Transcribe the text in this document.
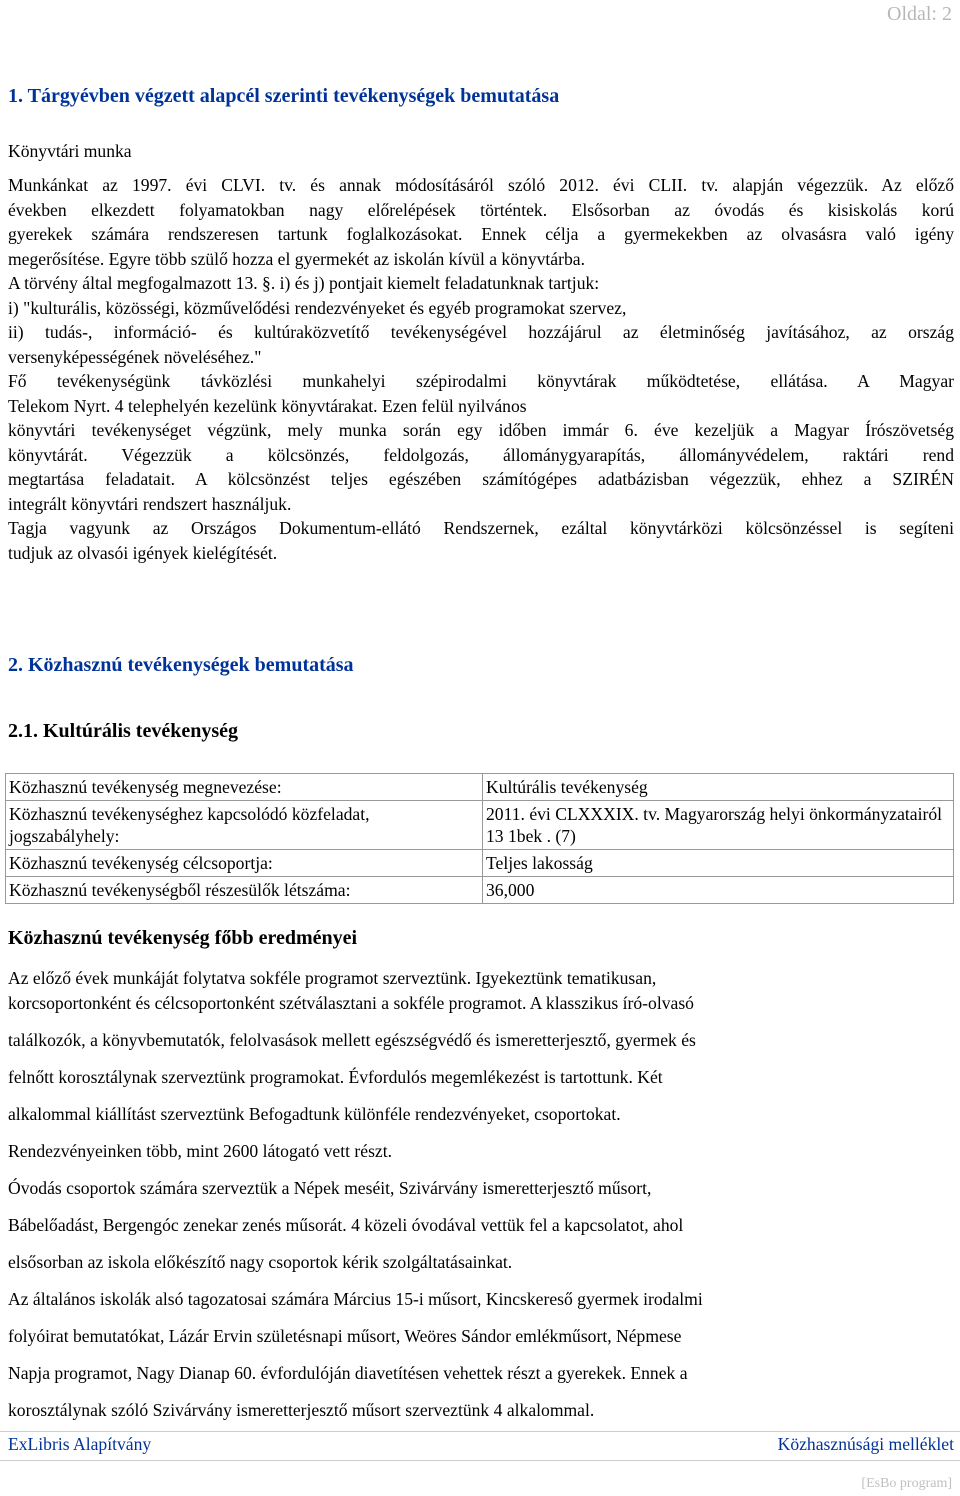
Oldal: 2
1. Tárgyévben végzett alapcél szerinti tevékenységek bemutatása
Könyvtári munka
Munkánkat az 1997. évi CLVI. tv. és annak módosításáról szóló 2012. évi CLII. tv. alapján végezzük. Az előző
években elkezdett folyamatokban nagy előrelépések történtek. Elsősorban az óvodás és kisiskolás korú
gyerekek számára rendszeresen tartunk foglalkozásokat. Ennek célja a gyermekekben az olvasásra való igény
megerősítése. Egyre több szülő hozza el gyermekét az iskolán kívül a könyvtárba.
A törvény által megfogalmazott 13. §. i) és j) pontjait kiemelt feladatunknak tartjuk:
i) "kulturális, közösségi, közművelődési rendezvényeket és egyéb programokat szervez,
ii) tudás-, információ- és kultúraközvetítő tevékenységével hozzájárul az életminőség javításához, az ország
versenyképességének növeléséhez."
Fő tevékenységünk távközlési munkahelyi szépirodalmi könyvtárak működtetése, ellátása. A Magyar
Telekom Nyrt. 4 telephelyén kezelünk könyvtárakat. Ezen felül nyilvános
könyvtári tevékenységet végzünk, mely munka során egy időben immár 6. éve kezeljük a Magyar Írószövetség
könyvtárát. Végezzük a kölcsönzés, feldolgozás, állománygyarapítás, állományvédelem, raktári rend
megtartása feladatait. A kölcsönzést teljes egészében számítógépes adatbázisban végezzük, ehhez a SZIRÉN
integrált könyvtári rendszert használjuk.
Tagja vagyunk az Országos Dokumentum-ellátó Rendszernek, ezáltal könyvtárközi kölcsönzéssel is segíteni
tudjuk az olvasói igények kielégítését.
2. Közhasznú tevékenységek bemutatása
2.1. Kultúrális tevékenység
Közhasznú tevékenység megnevezése:	Kultúrális tevékenység
Közhasznú tevékenységhez kapcsolódó közfeladat, jogszabályhely:	2011. évi CLXXXIX. tv. Magyarország helyi önkormányzatairól 13 1bek . (7)
Közhasznú tevékenység célcsoportja:	Teljes lakosság
Közhasznú tevékenységből részesülők létszáma:	36,000
Közhasznú tevékenység főbb eredményei

Az előző évek munkáját folytatva sokféle programot szerveztünk. Igyekeztünk tematikusan,

korcsoportonként és célcsoportonként szétválasztani a sokféle programot. A klasszikus író-olvasó

találkozók, a könyvbemutatók, felolvasások mellett egészségvédő és ismeretterjesztő, gyermek és

felnőtt korosztálynak szerveztünk programokat. Évfordulós megemlékezést is tartottunk. Két

alkalommal kiállítást szerveztünk Befogadtunk különféle rendezvényeket, csoportokat.

Rendezvényeinken több, mint 2600 látogató vett részt.

Óvodás csoportok számára szerveztük a Népek meséit, Szivárvány ismeretterjesztő műsort,

Bábelőadást, Bergengóc zenekar zenés műsorát. 4 közeli óvodával vettük fel a kapcsolatot, ahol

elsősorban az iskola előkészítő nagy csoportok kérik szolgáltatásainkat.

Az általános iskolák alsó tagozatosai számára Március 15-i műsort, Kincskereső gyermek irodalmi

folyóirat bemutatókat, Lázár Ervin születésnapi műsort, Weöres Sándor emlékműsort, Népmese

Napja programot, Nagy Dianap 60. évfordulóján diavetítésen vehettek részt a gyerekek. Ennek a

korosztálynak szóló Szivárvány ismeretterjesztő műsort szerveztünk 4 alkalommal.

ExLibris Alapítvány	Közhasznúsági melléklet
[EsBo program]
